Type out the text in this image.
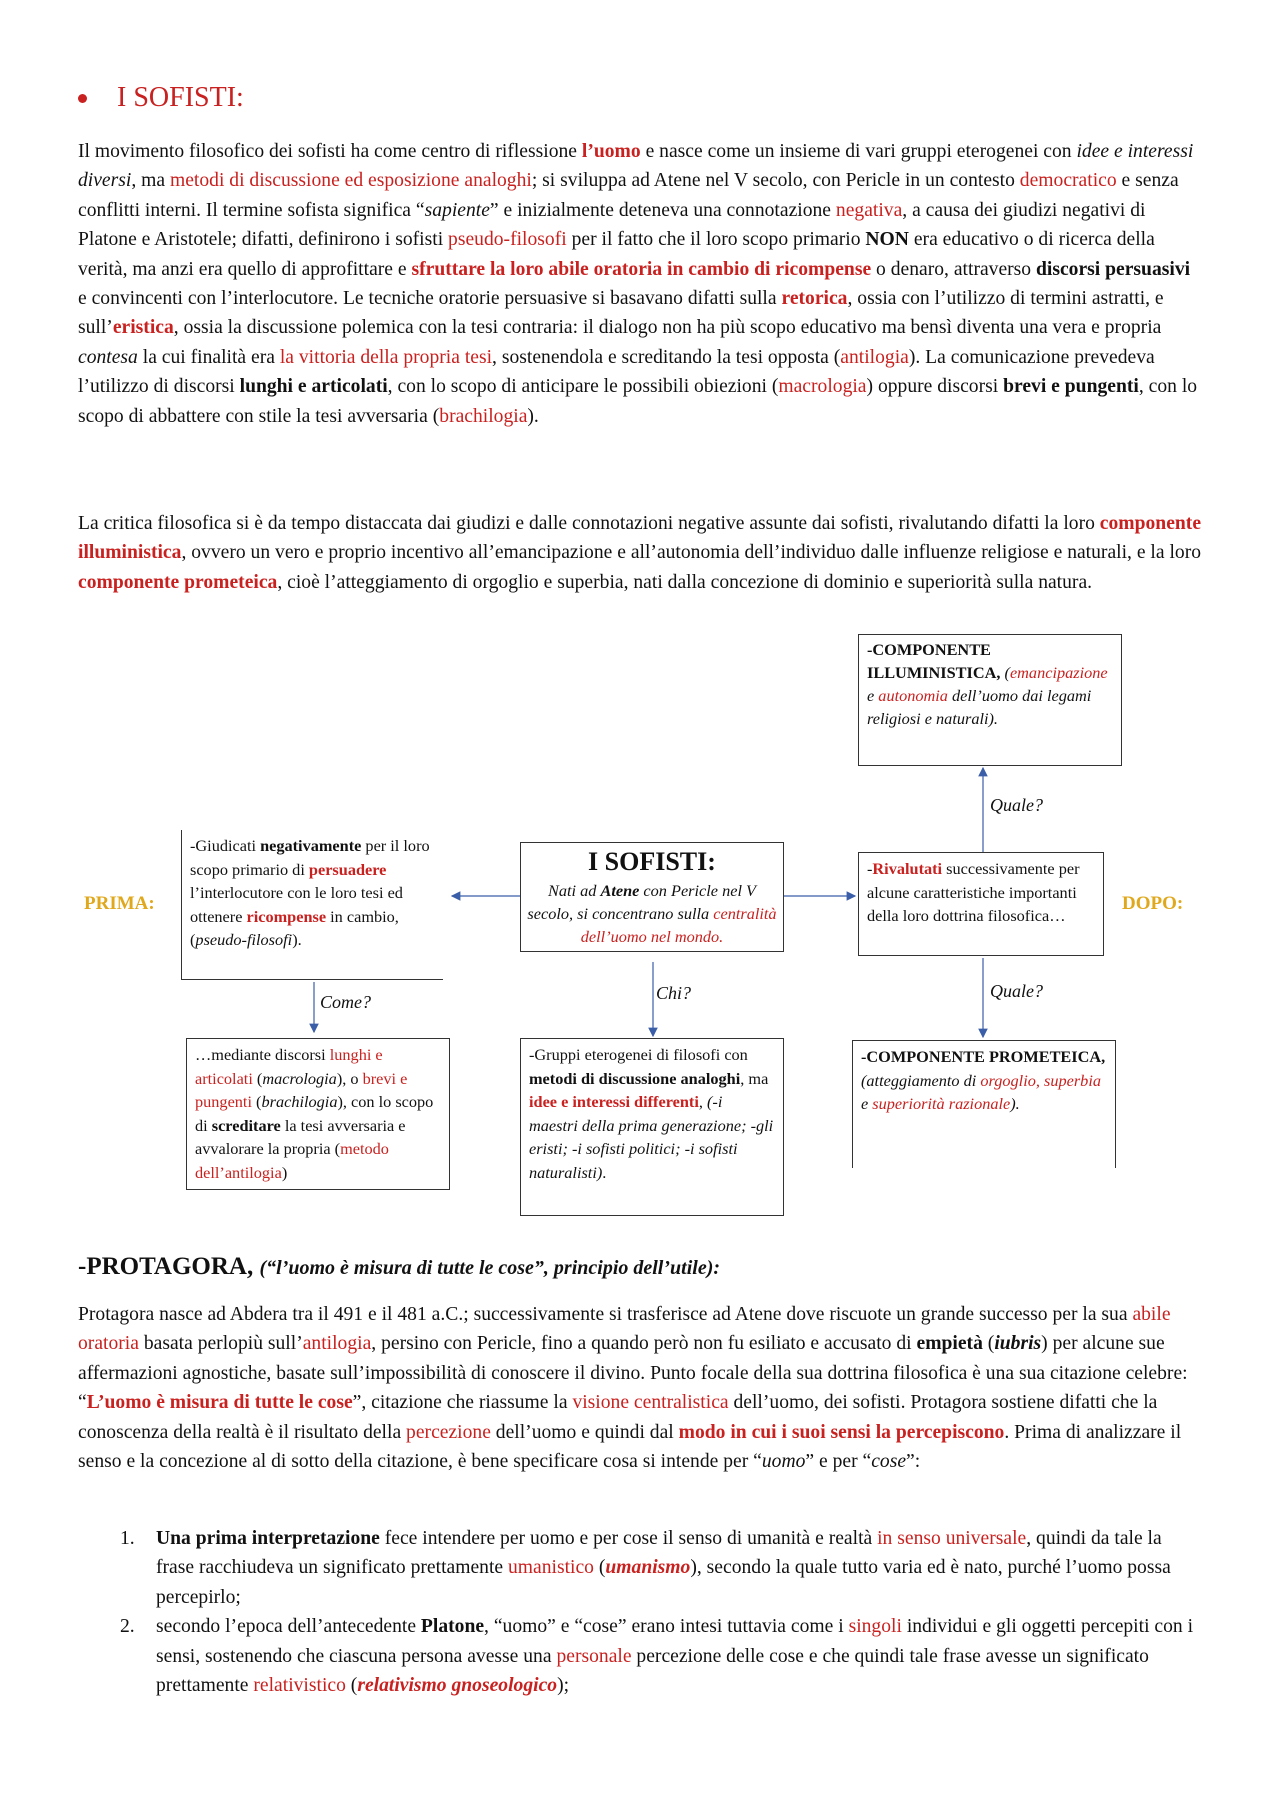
I SOFISTI:

Il movimento filosofico dei sofisti ha come centro di riflessione l’uomo e nasce come un insieme di vari gruppi eterogenei con idee e interessi diversi, ma metodi di discussione ed esposizione analoghi; si sviluppa ad Atene nel V secolo, con Pericle in un contesto democratico e senza conflitti interni. Il termine sofista significa “sapiente” e inizialmente deteneva una connotazione negativa, a causa dei giudizi negativi di Platone e Aristotele; difatti, definirono i sofisti pseudo-filosofi per il fatto che il loro scopo primario NON era educativo o di ricerca della verità, ma anzi era quello di approfittare e sfruttare la loro abile oratoria in cambio di ricompense o denaro, attraverso discorsi persuasivi e convincenti con l’interlocutore. Le tecniche oratorie persuasive si basavano difatti sulla retorica, ossia con l’utilizzo di termini astratti, e sull’eristica, ossia la discussione polemica con la tesi contraria: il dialogo non ha più scopo educativo ma bensì diventa una vera e propria contesa la cui finalità era la vittoria della propria tesi, sostenendola e screditando la tesi opposta (antilogia). La comunicazione prevedeva l’utilizzo di discorsi lunghi e articolati, con lo scopo di anticipare le possibili obiezioni (macrologia) oppure discorsi brevi e pungenti, con lo scopo di abbattere con stile la tesi avversaria (brachilogia).

La critica filosofica si è da tempo distaccata dai giudizi e dalle connotazioni negative assunte dai sofisti, rivalutando difatti la loro componente illuministica, ovvero un vero e proprio incentivo all’emancipazione e all’autonomia dell’individuo dalle influenze religiose e naturali, e la loro componente prometeica, cioè l’atteggiamento di orgoglio e superbia, nati dalla concezione di dominio e superiorità sulla natura.

PRIMA:	DOPO:
-COMPONENTE ILLUMINISTICA, (emancipazione e autonomia dell’uomo dai legami religiosi e naturali).
Quale?
-Giudicati negativamente per il loro scopo primario di persuadere l’interlocutore con le loro tesi ed ottenere ricompense in cambio, (pseudo-filosofi).
I SOFISTI:
Nati ad Atene con Pericle nel V secolo, si concentrano sulla centralità dell’uomo nel mondo.
-Rivalutati successivamente per alcune caratteristiche importanti della loro dottrina filosofica…
Come?	Chi?	Quale?
…mediante discorsi lunghi e articolati (macrologia), o brevi e pungenti (brachilogia), con lo scopo di screditare la tesi avversaria e avvalorare la propria (metodo dell’antilogia)
-Gruppi eterogenei di filosofi con metodi di discussione analoghi, ma idee e interessi differenti, (-i maestri della prima generazione; -gli eristi; -i sofisti politici; -i sofisti naturalisti).
-COMPONENTE PROMETEICA, (atteggiamento di orgoglio, superbia e superiorità razionale).
-PROTAGORA, (“l’uomo è misura di tutte le cose”, principio dell’utile):

Protagora nasce ad Abdera tra il 491 e il 481 a.C.; successivamente si trasferisce ad Atene dove riscuote un grande successo per la sua abile oratoria basata perlopiù sull’antilogia, persino con Pericle, fino a quando però non fu esiliato e accusato di empietà (iubris) per alcune sue affermazioni agnostiche, basate sull’impossibilità di conoscere il divino. Punto focale della sua dottrina filosofica è una sua citazione celebre: “L’uomo è misura di tutte le cose”, citazione che riassume la visione centralistica dell’uomo, dei sofisti. Protagora sostiene difatti che la conoscenza della realtà è il risultato della percezione dell’uomo e quindi dal modo in cui i suoi sensi la percepiscono. Prima di analizzare il senso e la concezione al di sotto della citazione, è bene specificare cosa si intende per “uomo” e per “cose”:

1. Una prima interpretazione fece intendere per uomo e per cose il senso di umanità e realtà in senso universale, quindi da tale la frase racchiudeva un significato prettamente umanistico (umanismo), secondo la quale tutto varia ed è nato, purché l’uomo possa percepirlo;
2. secondo l’epoca dell’antecedente Platone, “uomo” e “cose” erano intesi tuttavia come i singoli individui e gli oggetti percepiti con i sensi, sostenendo che ciascuna persona avesse una personale percezione delle cose e che quindi tale frase avesse un significato prettamente relativistico (relativismo gnoseologico);
